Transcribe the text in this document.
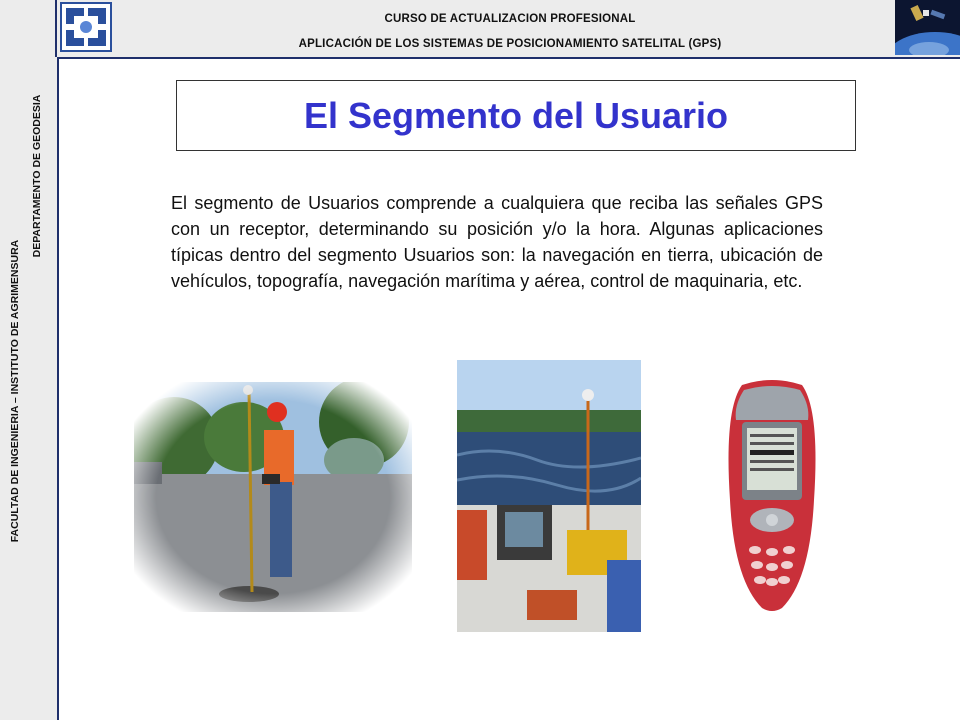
CURSO DE ACTUALIZACION PROFESIONAL
APLICACIÓN DE LOS SISTEMAS DE POSICIONAMIENTO SATELITAL (GPS)
FACULTAD DE INGENIERIA – INSTITUTO DE AGRIMENSURA
DEPARTAMENTO DE GEODESIA	El Segmento del Usuario

El segmento de Usuarios comprende a cualquiera que reciba las señales GPS con un receptor, determinando su posición y/o la hora. Algunas aplicaciones típicas dentro del segmento Usuarios son: la navegación en tierra, ubicación de vehículos, topografía, navegación marítima y aérea, control de maquinaria, etc.
